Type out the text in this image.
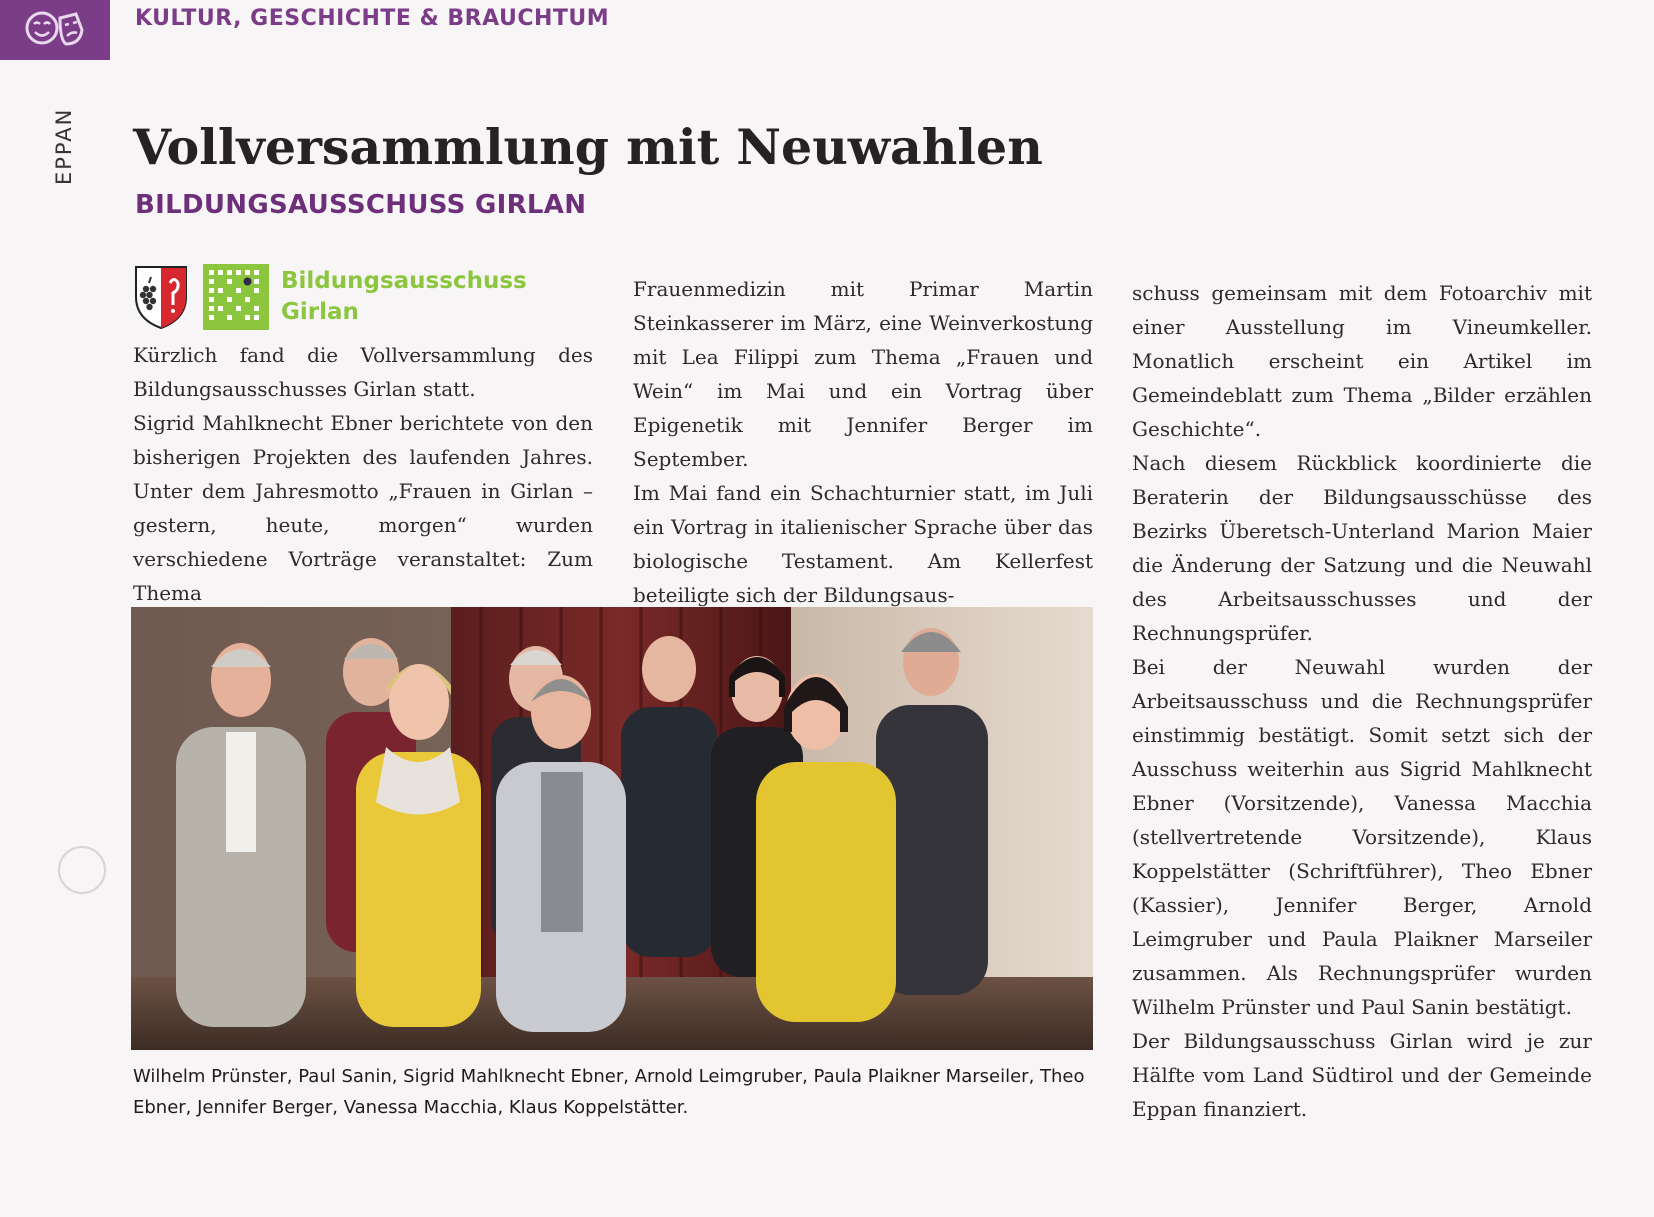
KULTUR, GESCHICHTE & BRAUCHTUM
EPPAN Vollversammlung mit Neuwahlen
BILDUNGSAUSSCHUSS GIRLAN
Bildungsausschuss
Girlan

Kürzlich fand die Vollversammlung des Bildungsausschusses Girlan statt.

Sigrid Mahlknecht Ebner berichtete von den bisherigen Projekten des laufenden Jahres. Unter dem Jahresmotto „Frauen in Girlan – gestern, heute, morgen“ wurden verschiedene Vorträge veranstaltet: Zum Thema

Frauenmedizin mit Primar Martin Steinkasserer im März, eine Weinverkostung mit Lea Filippi zum Thema „Frauen und Wein“ im Mai und ein Vortrag über Epigenetik mit Jennifer Berger im September.

Im Mai fand ein Schachturnier statt, im Juli ein Vortrag in italienischer Sprache über das biologische Testament. Am Kellerfest beteiligte sich der Bildungsaus-

schuss gemeinsam mit dem Fotoarchiv mit einer Ausstellung im Vineumkeller. Monatlich erscheint ein Artikel im Gemeindeblatt zum Thema „Bilder erzählen Geschichte“.

Nach diesem Rückblick koordinierte die Beraterin der Bildungsausschüsse des Bezirks Überetsch-Unterland Marion Maier die Änderung der Satzung und die Neuwahl des Arbeitsausschusses und der Rechnungsprüfer.

Bei der Neuwahl wurden der Arbeitsausschuss und die Rechnungsprüfer einstimmig bestätigt. Somit setzt sich der Ausschuss weiterhin aus Sigrid Mahlknecht Ebner (Vorsitzende), Vanessa Macchia (stellvertretende Vorsitzende), Klaus Koppelstätter (Schriftführer), Theo Ebner (Kassier), Jennifer Berger, Arnold Leimgruber und Paula Plaikner Marseiler zusammen. Als Rechnungsprüfer wurden Wilhelm Prünster und Paul Sanin bestätigt.

Der Bildungsausschuss Girlan wird je zur Hälfte vom Land Südtirol und der Gemeinde Eppan finanziert.

Wilhelm Prünster, Paul Sanin, Sigrid Mahlknecht Ebner, Arnold Leimgruber, Paula Plaikner Marseiler, Theo Ebner, Jennifer Berger, Vanessa Macchia, Klaus Koppelstätter.
